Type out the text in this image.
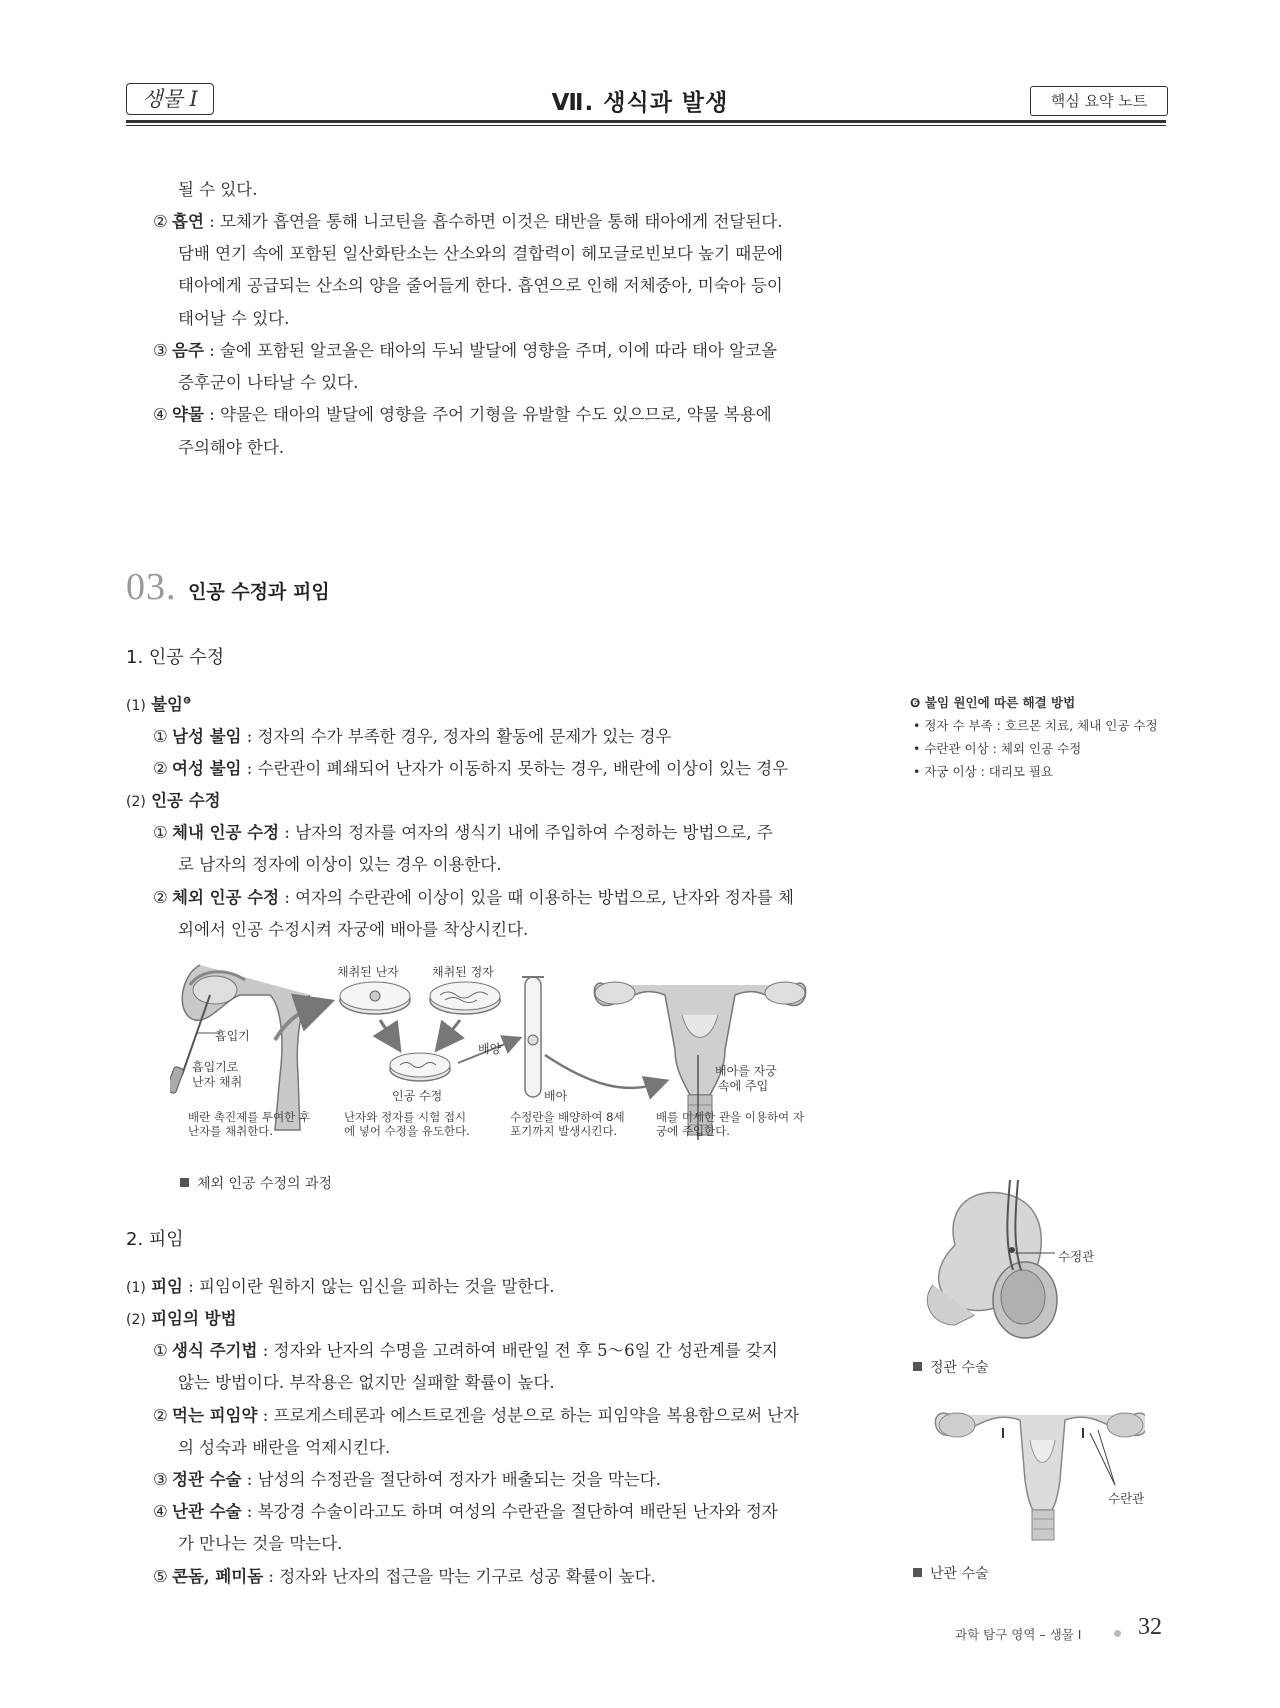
생물 I	Ⅶ. 생식과 발생	핵심 요약 노트
될 수 있다.
② 흡연 : 모체가 흡연을 통해 니코틴을 흡수하면 이것은 태반을 통해 태아에게 전달된다.
담배 연기 속에 포함된 일산화탄소는 산소와의 결합력이 헤모글로빈보다 높기 때문에
태아에게 공급되는 산소의 양을 줄어들게 한다. 흡연으로 인해 저체중아, 미숙아 등이
태어날 수 있다.
③ 음주 : 술에 포함된 알코올은 태아의 두뇌 발달에 영향을 주며, 이에 따라 태아 알코올
증후군이 나타날 수 있다.
④ 약물 : 약물은 태아의 발달에 영향을 주어 기형을 유발할 수도 있으므로, 약물 복용에
주의해야 한다.
03. 인공 수정과 피임
1. 인공 수정
(1) 불임$^❻$
① 남성 불임 : 정자의 수가 부족한 경우, 정자의 활동에 문제가 있는 경우
② 여성 불임 : 수란관이 폐쇄되어 난자가 이동하지 못하는 경우, 배란에 이상이 있는 경우
(2) 인공 수정
① 체내 인공 수정 : 남자의 정자를 여자의 생식기 내에 주입하여 수정하는 방법으로, 주
로 남자의 정자에 이상이 있는 경우 이용한다.
② 체외 인공 수정 : 여자의 수란관에 이상이 있을 때 이용하는 방법으로, 난자와 정자를 체
외에서 인공 수정시켜 자궁에 배아를 착상시킨다.
❻ 불임 원인에 따른 해결 방법
• 정자 수 부족 : 호르몬 치료, 체내 인공 수정
• 수란관 이상 : 체외 인공 수정
• 자궁 이상 : 대리모 필요
채취된 난자	채취된 정자
흡입기
흡입기로
난자 채취
배양
인공 수정	배아
배아를 자궁
속에 주입
배란 촉진제를 투여한 후 난자를 채취한다.
난자와 정자를 시험 접시에 넣어 수정을 유도한다.
수정란을 배양하여 8세포기까지 발생시킨다.
배를 미세한 관을 이용하여 자궁에 주입한다.
체외 인공 수정의 과정
2. 피임
(1) 피임 : 피임이란 원하지 않는 임신을 피하는 것을 말한다.
(2) 피임의 방법
① 생식 주기법 : 정자와 난자의 수명을 고려하여 배란일 전 후 5～6일 간 성관계를 갖지
않는 방법이다. 부작용은 없지만 실패할 확률이 높다.
② 먹는 피임약 : 프로게스테론과 에스트로겐을 성분으로 하는 피임약을 복용함으로써 난자
의 성숙과 배란을 억제시킨다.
③ 정관 수술 : 남성의 수정관을 절단하여 정자가 배출되는 것을 막는다.
④ 난관 수술 : 복강경 수술이라고도 하며 여성의 수란관을 절단하여 배란된 난자와 정자
가 만나는 것을 막는다.
⑤ 콘돔, 페미돔 : 정자와 난자의 접근을 막는 기구로 성공 확률이 높다.
수정관
정관 수술
수란관
난관 수술
과학 탐구 영역 – 생물 I 32
